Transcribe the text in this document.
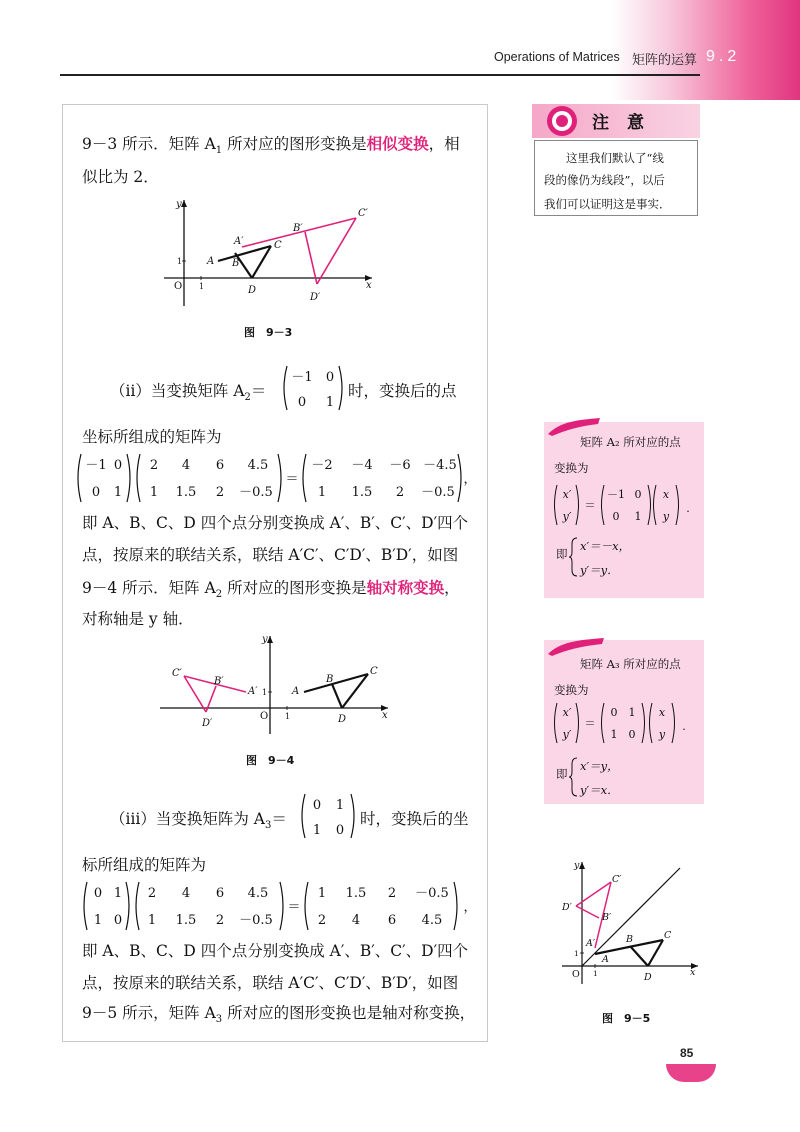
Operations of Matrices 矩阵的运算 9.2
9－3 所示．矩阵 $A_1$ 所对应的图形变换是相似变换，相
似比为 2．
y
x
O 1
1 A B
C
D
A′
B′
C′
D′
图　9－3
（ⅱ）当变换矩阵 $A_2=$
－1 0
0 1
时，变换后的点
坐标所组成的矩阵为
－1 0
0 1
2 4 6 4.5
1 1.5 2 －0.5
＝
－2 －4 －6 －4.5
1 1.5 2 －0.5
，
即 A、B、C、D 四个点分别变换成 A′、B′、C′、D′四个
点，按原来的联结关系，联结 A′C′、C′D′、B′D′，如图
9－4 所示．矩阵 $A_2$ 所对应的图形变换是轴对称变换，
对称轴是 y 轴．
y
x
O 1
1 A
B
C
D
A′
B′
C′
D′
图　9－4
（ⅲ）当变换矩阵为 $A_3=$
0 1
1 0
时，变换后的坐
标所组成的矩阵为
0 1
1 0
2 4 6 4.5
1 1.5 2 －0.5
＝
1 1.5 2 －0.5
2 4 6 4.5
，
即 A、B、C、D 四个点分别变换成 A′、B′、C′、D′四个
点，按原来的联结关系，联结 A′C′、C′D′、B′D′，如图
9－5 所示，矩阵 $A_3$ 所对应的图形变换也是轴对称变换，
注意
这里我们默认了“线
段的像仍为线段”，以后
我们可以证明这是事实．
矩阵 A₂ 所对应的点
变换为
x′
y′
＝
－1 0
0 1
x
y
.
即
x′＝－x，
y′＝y．
矩阵 A₃ 所对应的点
变换为
x′
y′
＝
0 1
1 0
x
y
.
即
x′＝y，
y′＝x．
y
x
O 1
1
A
B	C
D
A′
B′
C′
D′
图　9－5
85
